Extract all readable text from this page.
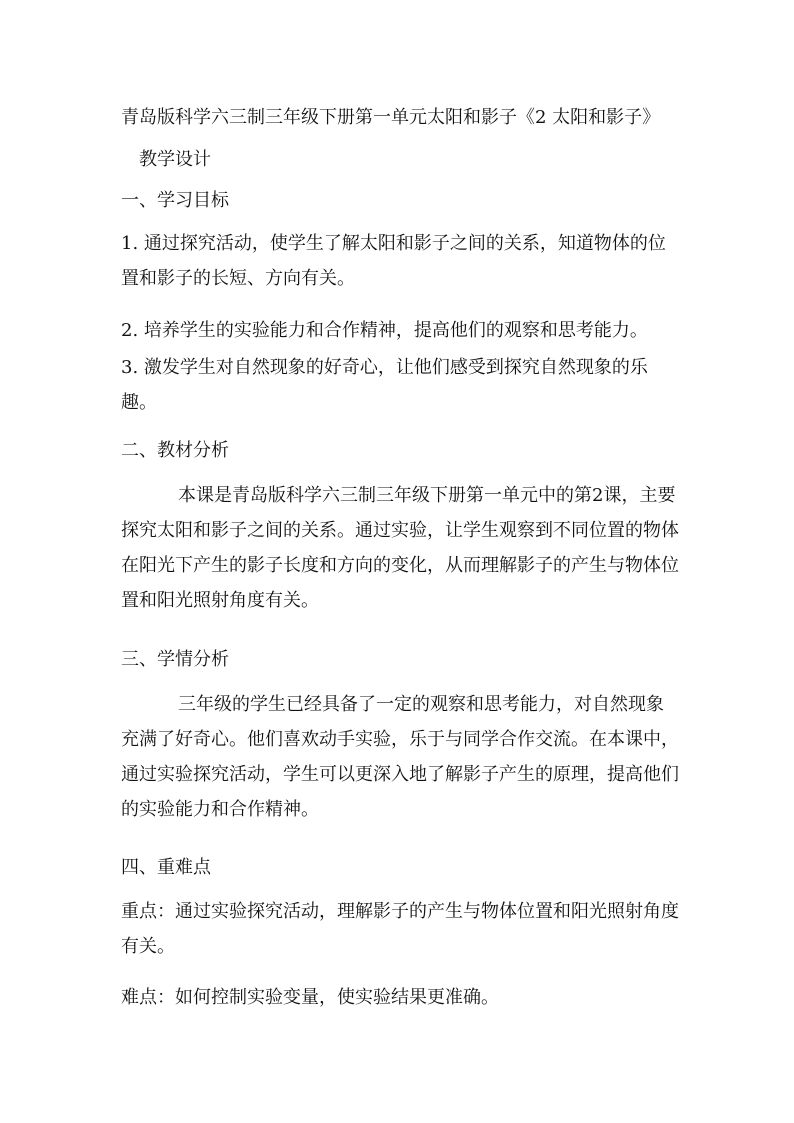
青岛版科学六三制三年级下册第一单元太阳和影子《2 太阳和影子》
教学设计
一、学习目标
1. 通过探究活动，使学生了解太阳和影子之间的关系，知道物体的位置和影子的长短、方向有关。
2. 培养学生的实验能力和合作精神，提高他们的观察和思考能力。
3. 激发学生对自然现象的好奇心，让他们感受到探究自然现象的乐趣。
二、教材分析
本课是青岛版科学六三制三年级下册第一单元中的第2课，主要探究太阳和影子之间的关系。通过实验，让学生观察到不同位置的物体在阳光下产生的影子长度和方向的变化，从而理解影子的产生与物体位置和阳光照射角度有关。
三、学情分析
三年级的学生已经具备了一定的观察和思考能力，对自然现象充满了好奇心。他们喜欢动手实验，乐于与同学合作交流。在本课中，通过实验探究活动，学生可以更深入地了解影子产生的原理，提高他们的实验能力和合作精神。
四、重难点
重点：通过实验探究活动，理解影子的产生与物体位置和阳光照射角度有关。
难点：如何控制实验变量，使实验结果更准确。
